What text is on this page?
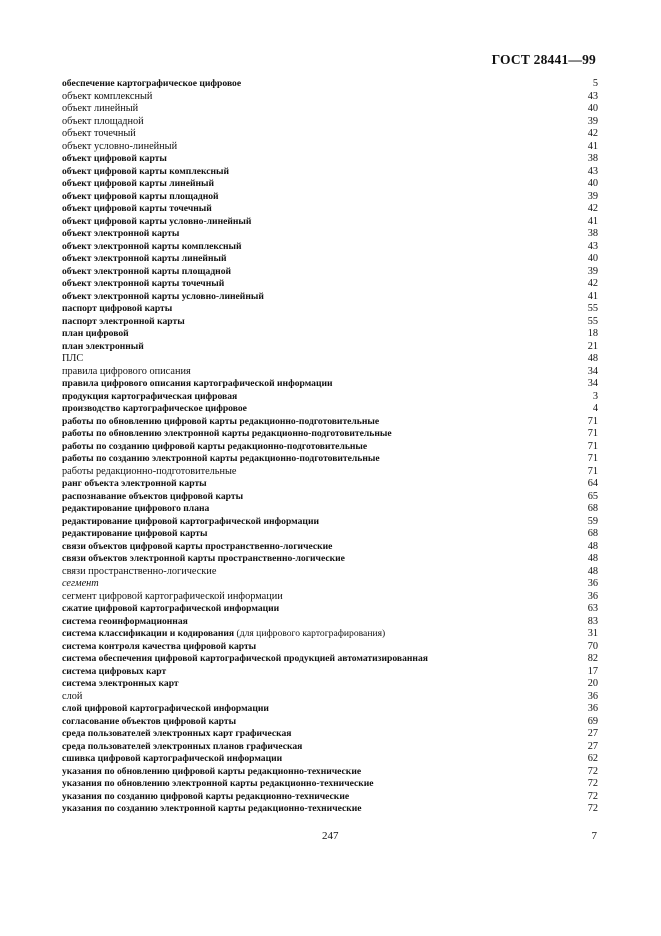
ГОСТ 28441—99
обеспечение картографическое цифровое	5
объект комплексный	43
объект линейный	40
объект площадной	39
объект точечный	42
объект условно-линейный	41
объект цифровой карты	38
объект цифровой карты комплексный	43
объект цифровой карты линейный	40
объект цифровой карты площадной	39
объект цифровой карты точечный	42
объект цифровой карты условно-линейный	41
объект электронной карты	38
объект электронной карты комплексный	43
объект электронной карты линейный	40
объект электронной карты площадной	39
объект электронной карты точечный	42
объект электронной карты условно-линейный	41
паспорт цифровой карты	55
паспорт электронной карты	55
план цифровой	18
план электронный	21
ПЛС	48
правила цифрового описания	34
правила цифрового описания картографической информации	34
продукция картографическая цифровая	3
производство картографическое цифровое	4
работы по обновлению цифровой карты редакционно-подготовительные	71
работы по обновлению электронной карты редакционно-подготовительные	71
работы по созданию цифровой карты редакционно-подготовительные	71
работы по созданию электронной карты редакционно-подготовительные	71
работы редакционно-подготовительные	71
ранг объекта электронной карты	64
распознавание объектов цифровой карты	65
редактирование цифрового плана	68
редактирование цифровой картографической информации	59
редактирование цифровой карты	68
связи объектов цифровой карты пространственно-логические	48
связи объектов электронной карты пространственно-логические	48
связи пространственно-логические	48
сегмент	36
сегмент цифровой картографической информации	36
сжатие цифровой картографической информации	63
система геоинформационная	83
система классификации и кодирования (для цифрового картографирования)	31
система контроля качества цифровой карты	70
система обеспечения цифровой картографической продукцией автоматизированная	82
система цифровых карт	17
система электронных карт	20
слой	36
слой цифровой картографической информации	36
согласование объектов цифровой карты	69
среда пользователей электронных карт графическая	27
среда пользователей электронных планов графическая	27
сшивка цифровой картографической информации	62
указания по обновлению цифровой карты редакционно-технические	72
указания по обновлению электронной карты редакционно-технические	72
указания по созданию цифровой карты редакционно-технические	72
указания по созданию электронной карты редакционно-технические	72
247	7
